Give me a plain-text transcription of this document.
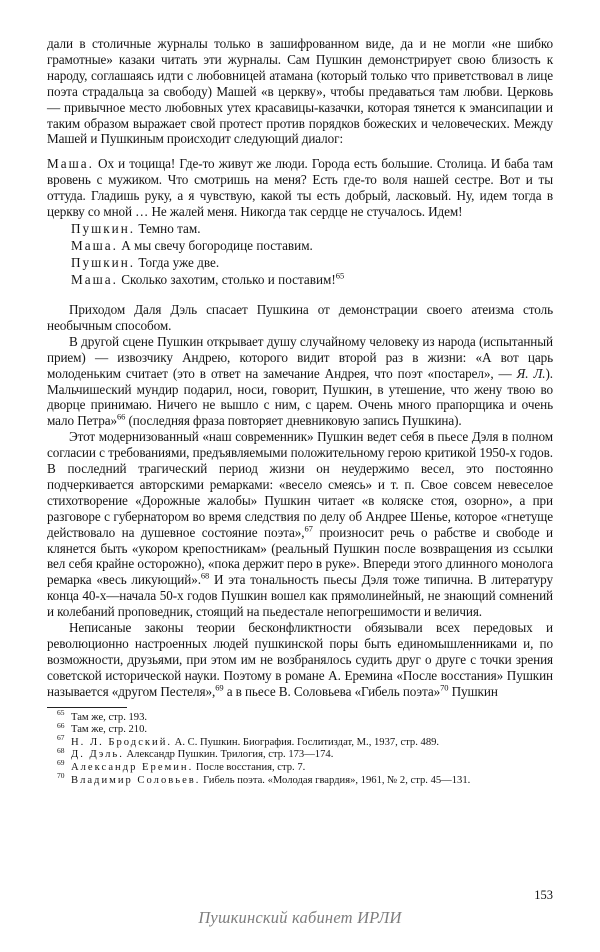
дали в столичные журналы только в зашифрованном виде, да и не могли «не шибко грамотные» казаки читать эти журналы. Сам Пушкин демонстрирует свою близость к народу, соглашаясь идти с любовницей атамана (который только что приветствовал в лице поэта страдальца за свободу) Машей «в церкву», чтобы предаваться там любви. Церковь — привычное место любовных утех красавицы-казачки, которая тянется к эмансипации и таким образом выражает свой протест против порядков божеских и человеческих. Между Машей и Пушкиным происходит следующий диалог:

Маша. Ох и тоцища! Где-то живут же люди. Города есть большие. Столица. И баба там вровень с мужиком. Что смотришь на меня? Есть где-то воля нашей сестре. Вот и ты оттуда. Гладишь руку, а я чувствую, какой ты есть добрый, ласковый. Ну, идем тогда в церкву со мной … Не жалей меня. Никогда так сердце не стучалось. Идем!

Пушкин. Темно там.
Маша. А мы свечу богородице поставим.
Пушкин. Тогда уже две.
Маша. Сколько захотим, столько и поставим!$^{65}$

Приходом Даля Дэль спасает Пушкина от демонстрации своего атеизма столь необычным способом.

В другой сцене Пушкин открывает душу случайному человеку из народа (испытанный прием) — извозчику Андрею, которого видит второй раз в жизни: «А вот царь молоденьким считает (это в ответ на замечание Андрея, что поэт «постарел», — Я. Л.). Мальчишеский мундир подарил, носи, говорит, Пушкин, в утешение, что жену твою во дворце принимаю. Ничего не вышло с ним, с царем. Очень много прапорщика и очень мало Петра»$^{66}$ (последняя фраза повторяет дневниковую запись Пушкина).

Этот модернизованный «наш современник» Пушкин ведет себя в пьесе Дэля в полном согласии с требованиями, предъявляемыми положительному герою критикой 1950-х годов. В последний трагический период жизни он неудержимо весел, это постоянно подчеркивается авторскими ремарками: «весело смеясь» и т. п. Свое совсем невеселое стихотворение «Дорожные жалобы» Пушкин читает «в коляске стоя, озорно», а при разговоре с губернатором во время следствия по делу об Андрее Шенье, которое «гнетуще действовало на душевное состояние поэта»,$^{67}$ произносит речь о рабстве и свободе и клянется быть «укором крепостникам» (реальный Пушкин после возвращения из ссылки вел себя крайне осторожно), «пока держит перо в руке». Впереди этого длинного монолога ремарка «весь ликующий».$^{68}$ И эта тональность пьесы Дэля тоже типична. В литературу конца 40-х—начала 50-х годов Пушкин вошел как прямолинейный, не знающий сомнений и колебаний проповедник, стоящий на пьедестале непогрешимости и величия.

Неписаные законы теории бесконфликтности обязывали всех передовых и революционно настроенных людей пушкинской поры быть единомышленниками и, по возможности, друзьями, при этом им не возбранялось судить друг о друге с точки зрения советской исторической науки. Поэтому в романе А. Еремина «После восстания» Пушкин называется «другом Пестеля»,$^{69}$ а в пьесе В. Соловьева «Гибель поэта»$^{70}$ Пушкин

65 Там же, стр. 193.

66 Там же, стр. 210.

67 Н. Л. Бродский. А. С. Пушкин. Биография. Гослитиздат, М., 1937, стр. 489.

68 Д. Дэль. Александр Пушкин. Трилогия, стр. 173—174.

69 Александр Еремин. После восстания, стр. 7.

70 Владимир Соловьев. Гибель поэта. «Молодая гвардия», 1961, № 2, стр. 45—131.

153
Пушкинский кабинет ИРЛИ
